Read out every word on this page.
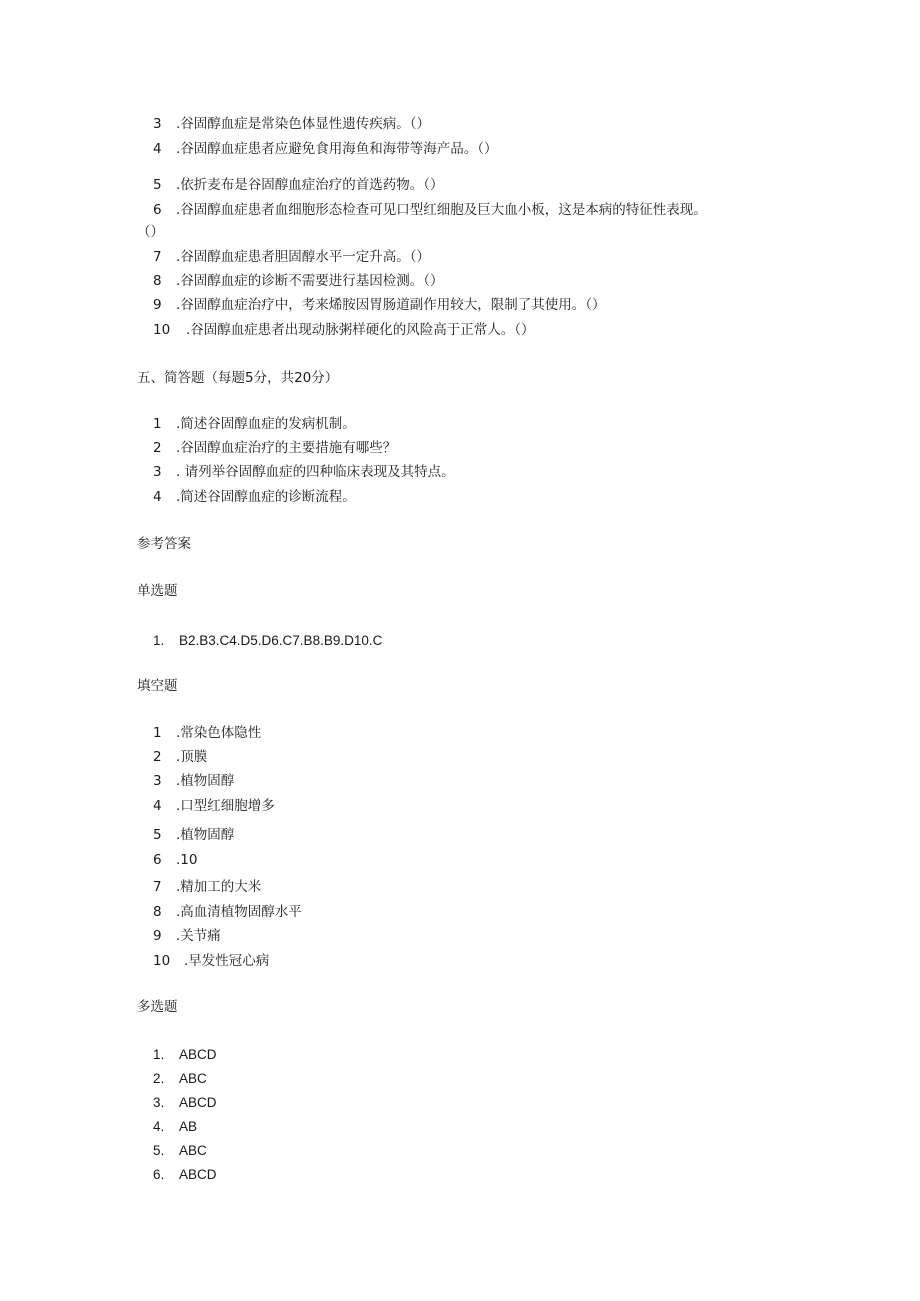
3 .谷固醇血症是常染色体显性遗传疾病。（）
4 .谷固醇血症患者应避免食用海鱼和海带等海产品。（）
5 .依折麦布是谷固醇血症治疗的首选药物。（）
6 .谷固醇血症患者血细胞形态检查可见口型红细胞及巨大血小板，这是本病的特征性表现。
（）
7 .谷固醇血症患者胆固醇水平一定升高。（）
8 .谷固醇血症的诊断不需要进行基因检测。（）
9 .谷固醇血症治疗中，考来烯胺因胃肠道副作用较大，限制了其使用。（）
10 .谷固醇血症患者出现动脉粥样硬化的风险高于正常人。（）
五、简答题（每题5分，共20分）
1 .简述谷固醇血症的发病机制。
2 .谷固醇血症治疗的主要措施有哪些？
3 . 请列举谷固醇血症的四种临床表现及其特点。
4 .简述谷固醇血症的诊断流程。
参考答案
单选题
1. B2.B3.C4.D5.D6.C7.B8.B9.D10.C
填空题
1 .常染色体隐性
2 .顶膜
3 .植物固醇
4 .口型红细胞增多
5 .植物固醇
6 .10
7 .精加工的大米
8 .高血清植物固醇水平
9 .关节痛
10 .早发性冠心病
多选题
1. ABCD
2. ABC
3. ABCD
4. AB
5. ABC
6. ABCD
